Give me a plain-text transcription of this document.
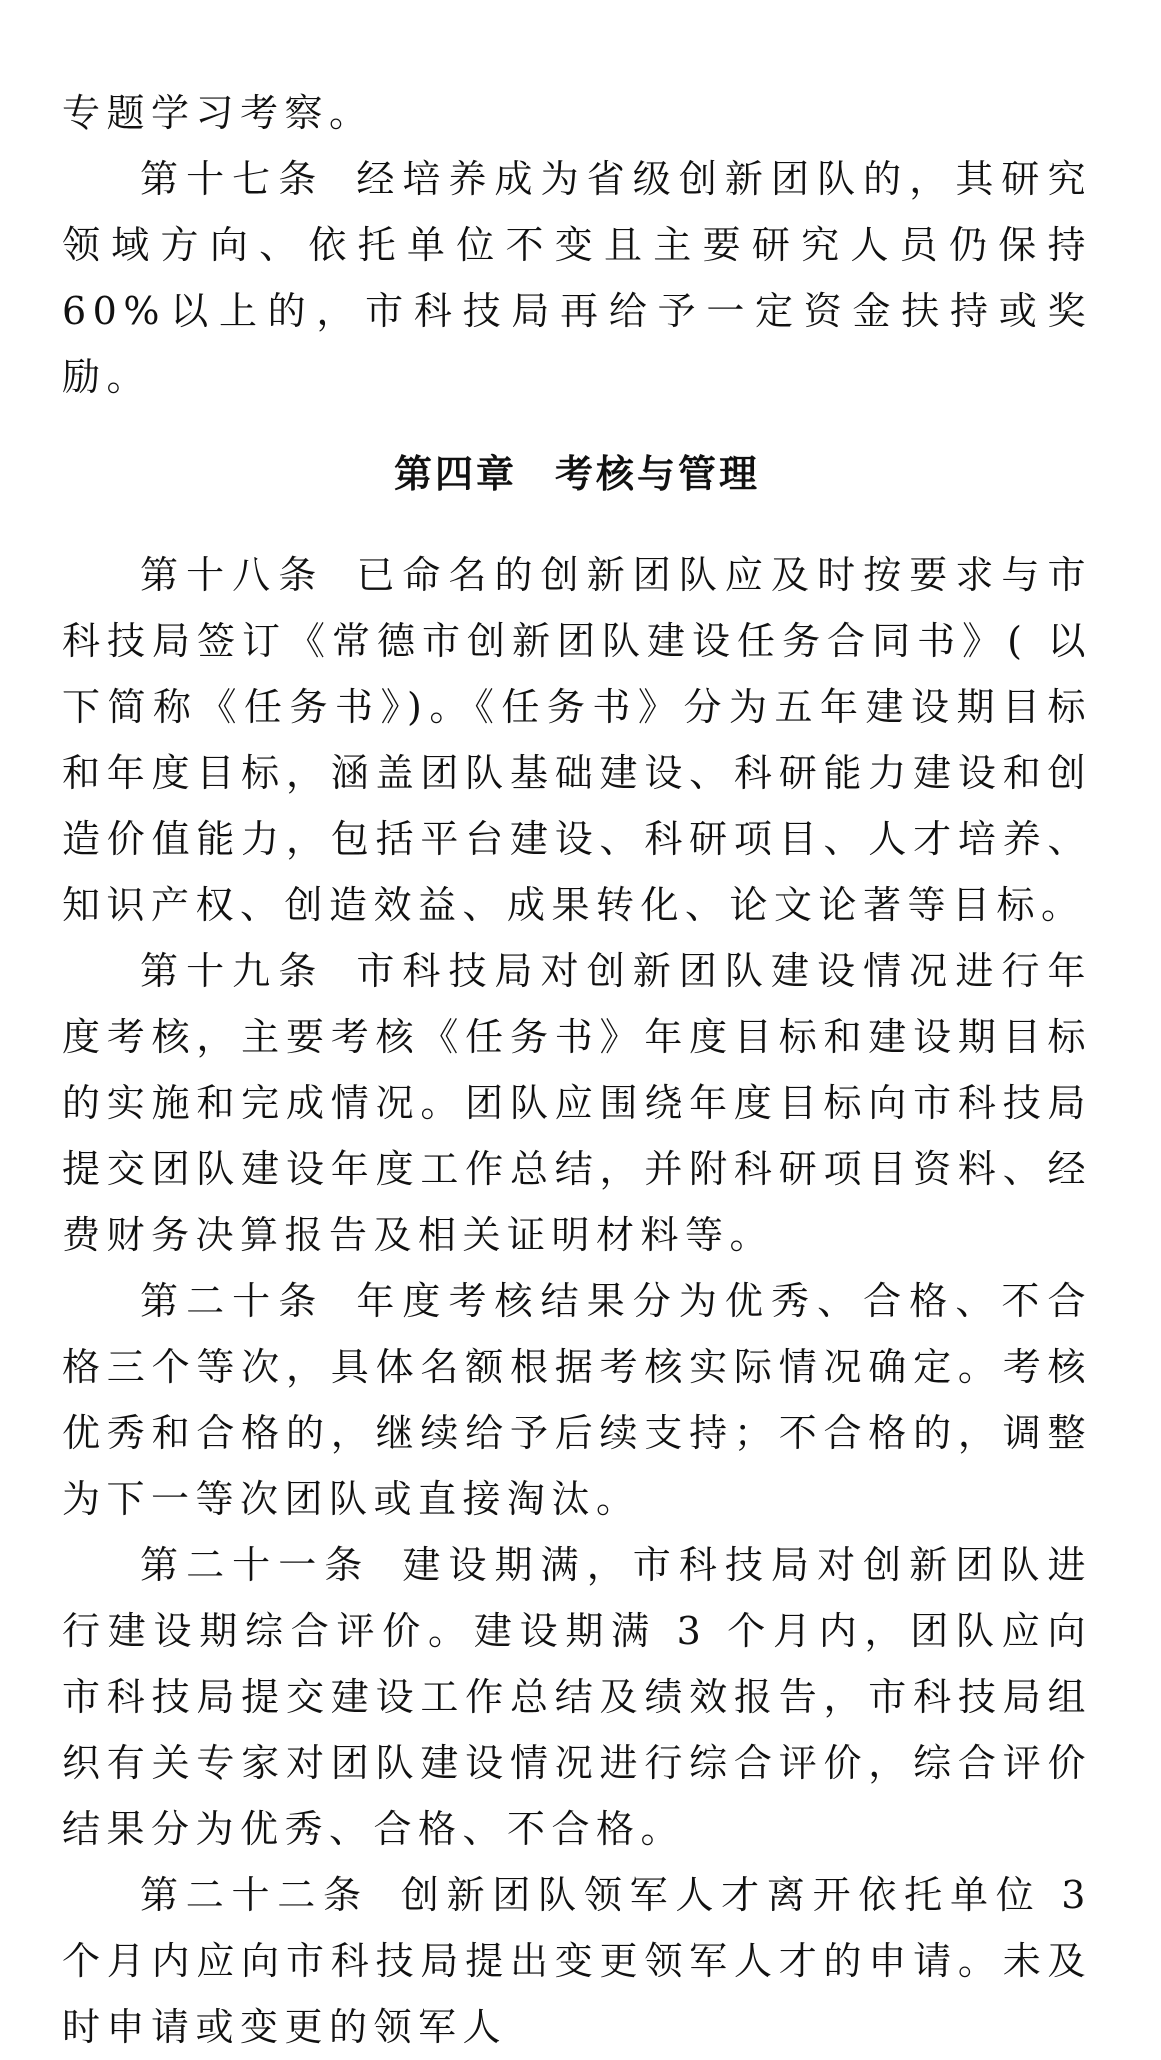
专题学习考察。

第十七条 经培养成为省级创新团队的，其研究领域方向、依托单位不变且主要研究人员仍保持 60%以上的，市科技局再给予一定资金扶持或奖励。

第四章 考核与管理

第十八条 已命名的创新团队应及时按要求与市科技局签订《常德市创新团队建设任务合同书》( 以下简称《任务书》)。《任务书》分为五年建设期目标和年度目标，涵盖团队基础建设、科研能力建设和创造价值能力，包括平台建设、科研项目、人才培养、知识产权、创造效益、成果转化、论文论著等目标。

第十九条 市科技局对创新团队建设情况进行年度考核，主要考核《任务书》年度目标和建设期目标的实施和完成情况。团队应围绕年度目标向市科技局提交团队建设年度工作总结，并附科研项目资料、经费财务决算报告及相关证明材料等。

第二十条 年度考核结果分为优秀、合格、不合格三个等次，具体名额根据考核实际情况确定。考核优秀和合格的，继续给予后续支持；不合格的，调整为下一等次团队或直接淘汰。

第二十一条 建设期满，市科技局对创新团队进行建设期综合评价。建设期满 3 个月内，团队应向市科技局提交建设工作总结及绩效报告，市科技局组织有关专家对团队建设情况进行综合评价，综合评价结果分为优秀、合格、不合格。

第二十二条 创新团队领军人才离开依托单位 3 个月内应向市科技局提出变更领军人才的申请。未及时申请或变更的领军人
